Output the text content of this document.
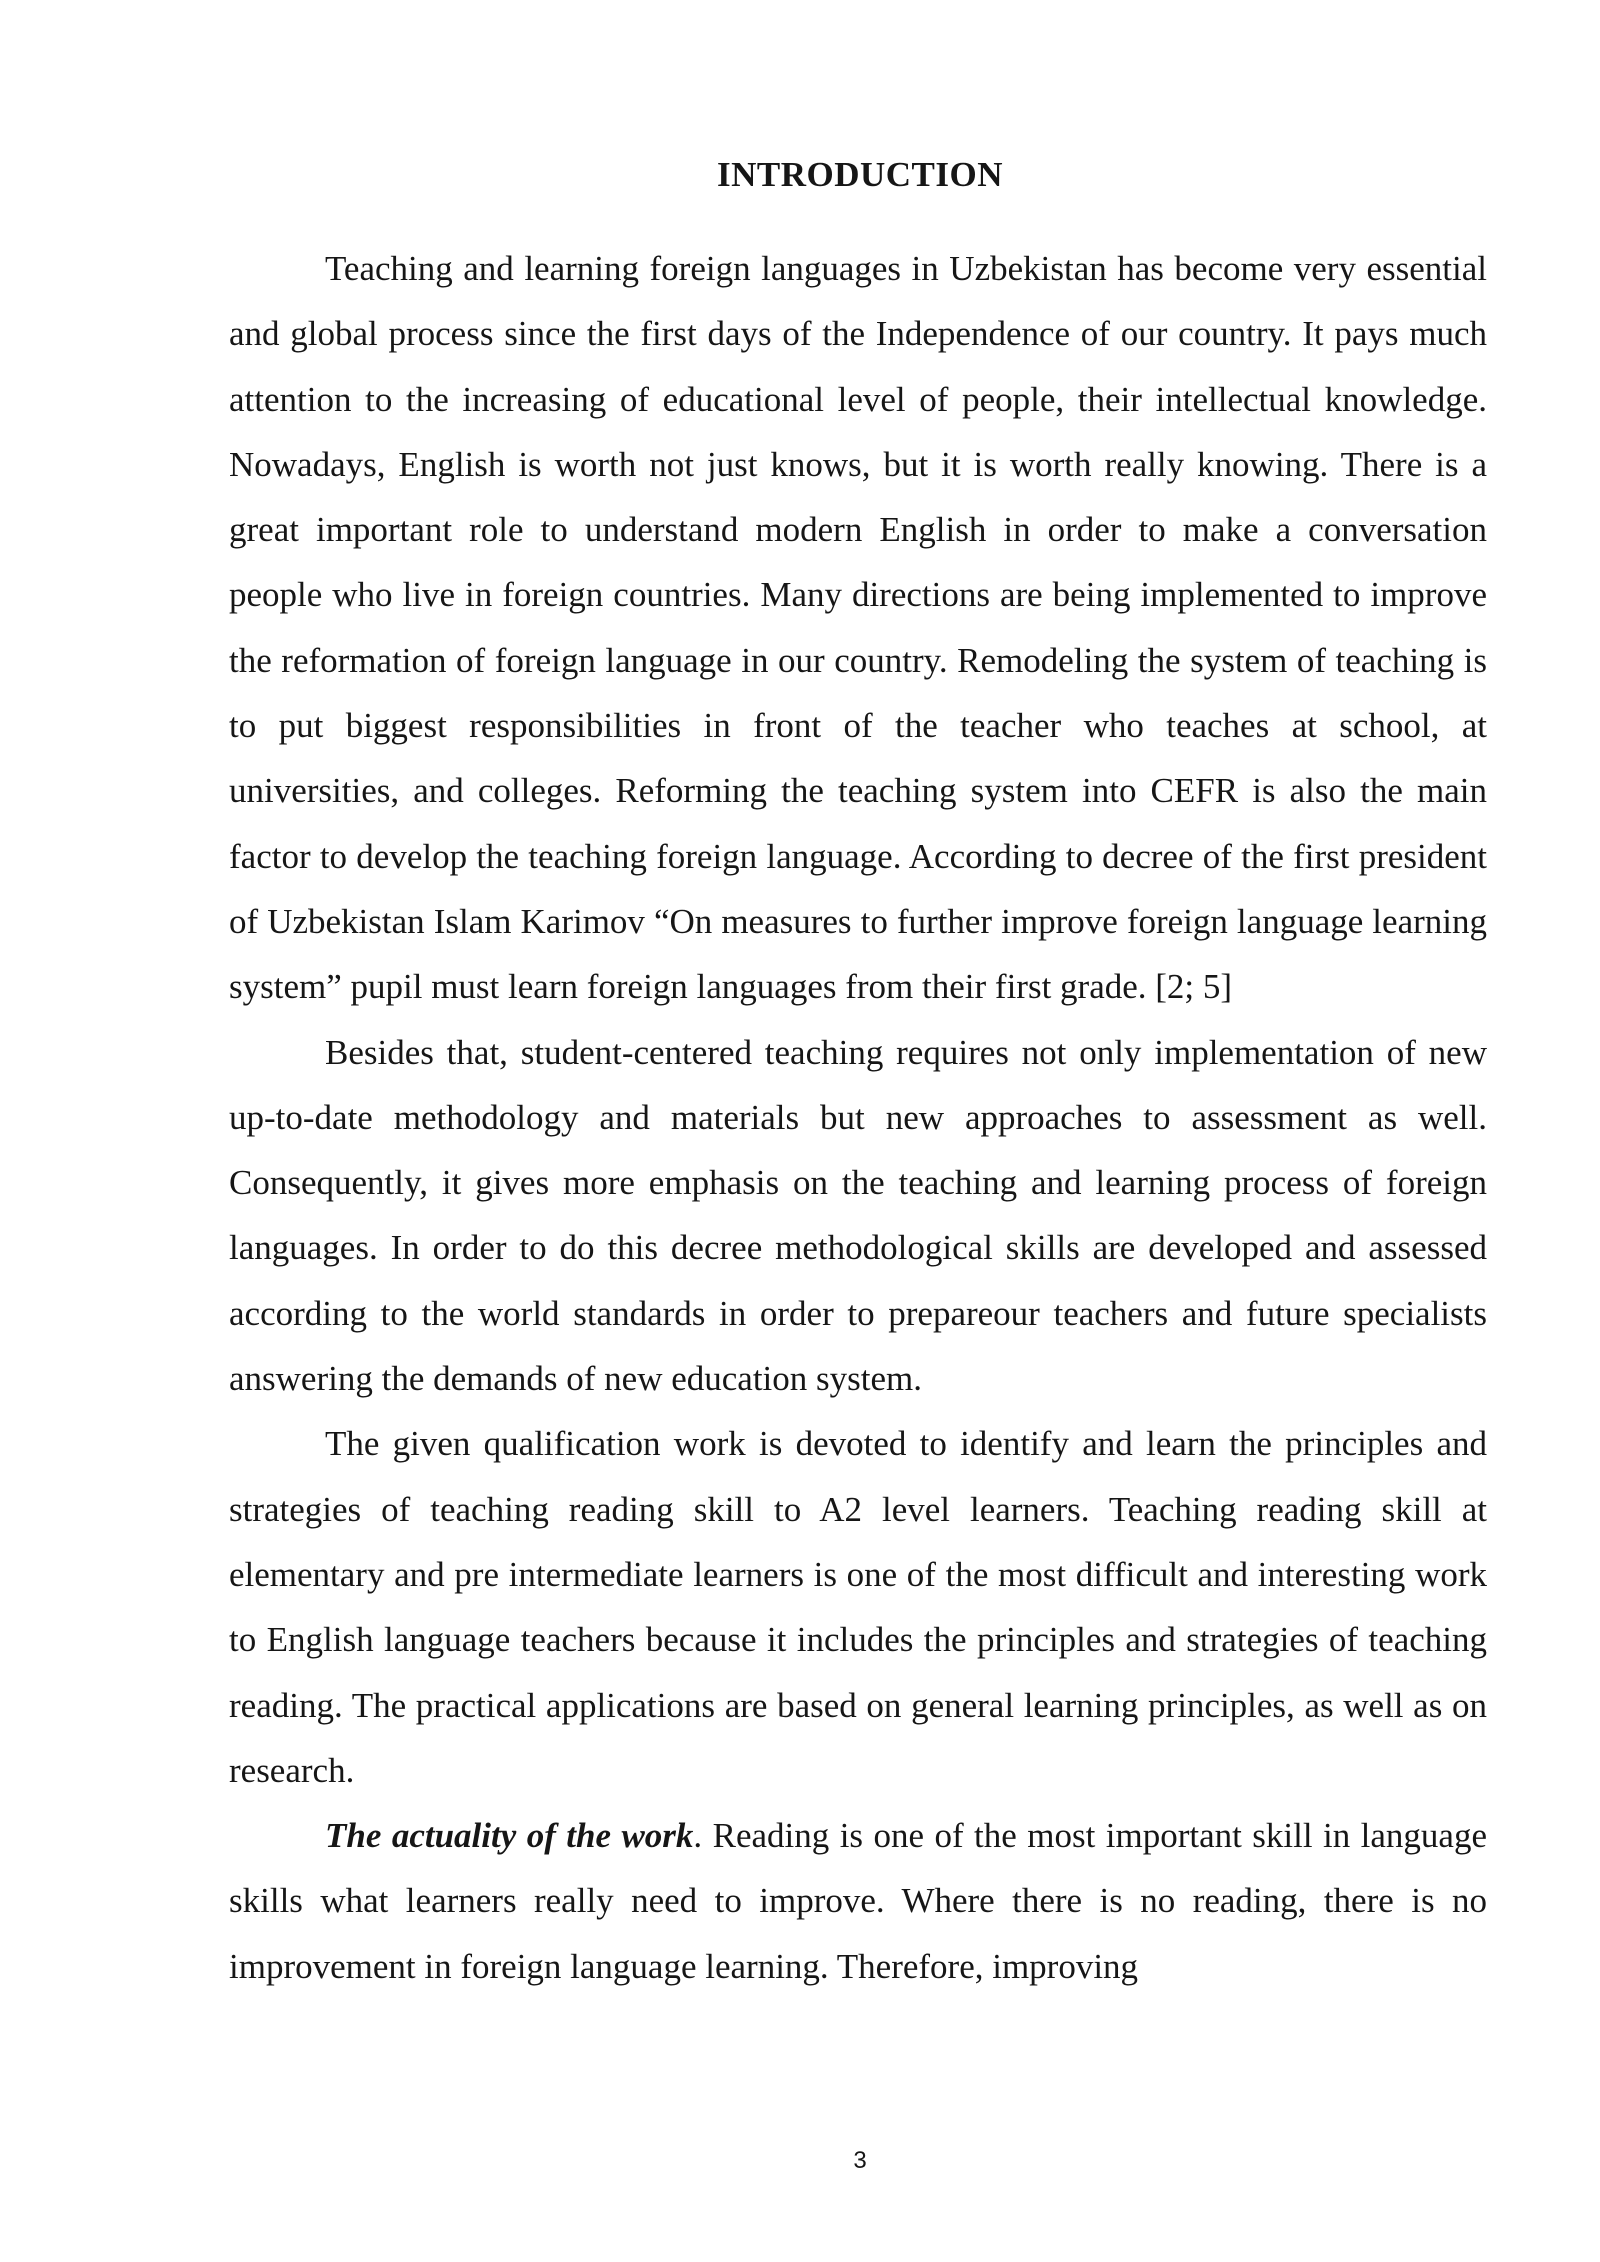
INTRODUCTION

Teaching and learning foreign languages in Uzbekistan has become very essential and global process since the first days of the Independence of our country. It pays much attention to the increasing of educational level of people, their intellectual knowledge. Nowadays, English is worth not just knows, but it is worth really knowing. There is a great important role to understand modern English in order to make a conversation people who live in foreign countries. Many directions are being implemented to improve the reformation of foreign language in our country. Remodeling the system of teaching is to put biggest responsibilities in front of the teacher who teaches at school, at universities, and colleges. Reforming the teaching system into CEFR is also the main factor to develop the teaching foreign language. According to decree of the first president of Uzbekistan Islam Karimov “On measures to further improve foreign language learning system” pupil must learn foreign languages from their first grade. [2; 5]

Besides that, student-centered teaching requires not only implementation of new up-to-date methodology and materials but new approaches to assessment as well. Consequently, it gives more emphasis on the teaching and learning process of foreign languages. In order to do this decree methodological skills are developed and assessed according to the world standards in order to prepareour teachers and future specialists answering the demands of new education system.

The given qualification work is devoted to identify and learn the principles and strategies of teaching reading skill to A2 level learners. Teaching reading skill at elementary and pre intermediate learners is one of the most difficult and interesting work to English language teachers because it includes the principles and strategies of teaching reading. The practical applications are based on general learning principles, as well as on research.

The actuality of the work. Reading is one of the most important skill in language skills what learners really need to improve. Where there is no reading, there is no improvement in foreign language learning. Therefore, improving

3
